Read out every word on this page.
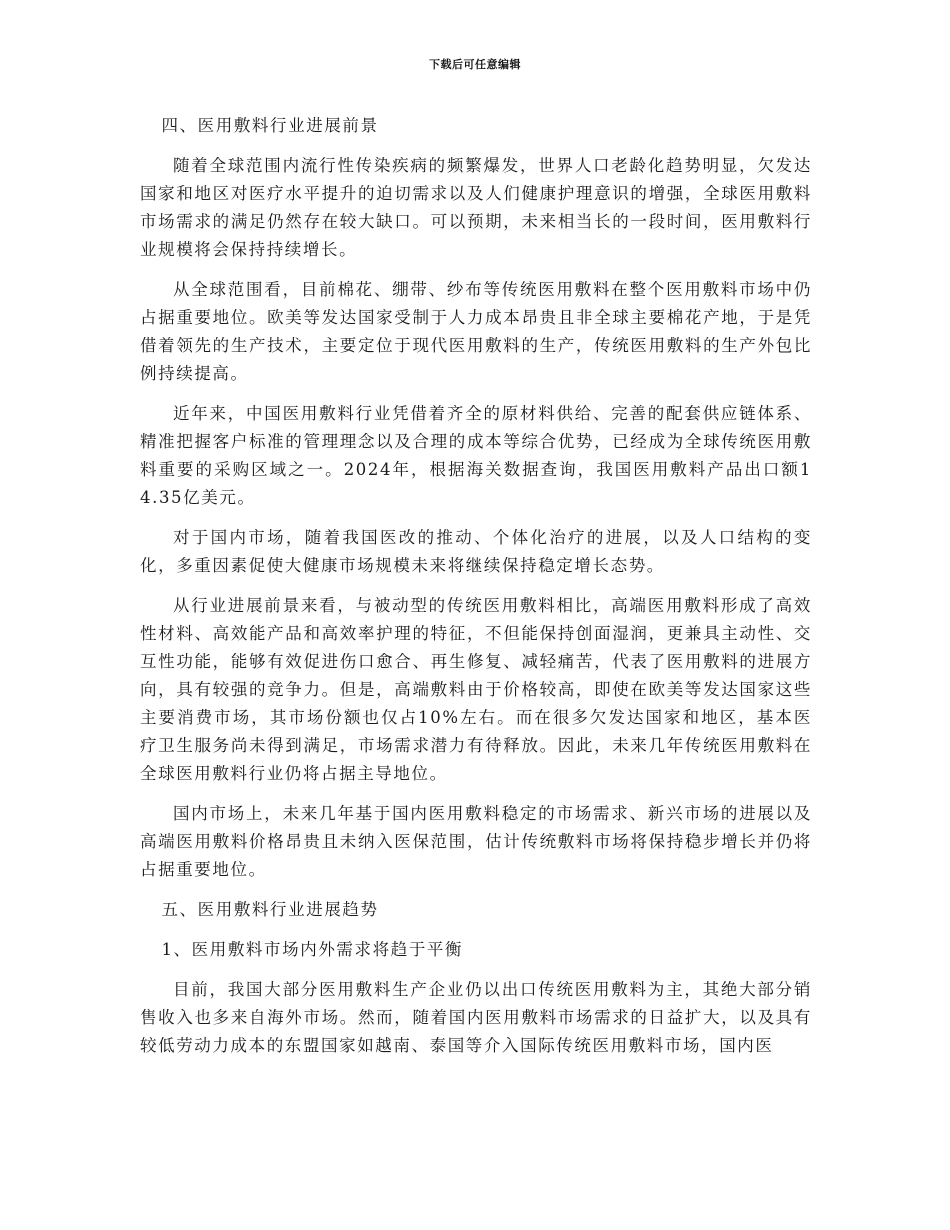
下载后可任意编辑

四、医用敷料行业进展前景

随着全球范围内流行性传染疾病的频繁爆发，世界人口老龄化趋势明显，欠发达国家和地区对医疗水平提升的迫切需求以及人们健康护理意识的增强，全球医用敷料市场需求的满足仍然存在较大缺口。可以预期，未来相当长的一段时间，医用敷料行业规模将会保持持续增长。

从全球范围看，目前棉花、绷带、纱布等传统医用敷料在整个医用敷料市场中仍占据重要地位。欧美等发达国家受制于人力成本昂贵且非全球主要棉花产地，于是凭借着领先的生产技术，主要定位于现代医用敷料的生产，传统医用敷料的生产外包比例持续提高。

近年来，中国医用敷料行业凭借着齐全的原材料供给、完善的配套供应链体系、精准把握客户标准的管理理念以及合理的成本等综合优势，已经成为全球传统医用敷料重要的采购区域之一。2024年，根据海关数据查询，我国医用敷料产品出口额14.35亿美元。

对于国内市场，随着我国医改的推动、个体化治疗的进展，以及人口结构的变化，多重因素促使大健康市场规模未来将继续保持稳定增长态势。

从行业进展前景来看，与被动型的传统医用敷料相比，高端医用敷料形成了高效性材料、高效能产品和高效率护理的特征，不但能保持创面湿润，更兼具主动性、交互性功能，能够有效促进伤口愈合、再生修复、减轻痛苦，代表了医用敷料的进展方向，具有较强的竞争力。但是，高端敷料由于价格较高，即使在欧美等发达国家这些主要消费市场，其市场份额也仅占10%左右。而在很多欠发达国家和地区，基本医疗卫生服务尚未得到满足，市场需求潜力有待释放。因此，未来几年传统医用敷料在全球医用敷料行业仍将占据主导地位。

国内市场上，未来几年基于国内医用敷料稳定的市场需求、新兴市场的进展以及高端医用敷料价格昂贵且未纳入医保范围，估计传统敷料市场将保持稳步增长并仍将占据重要地位。

五、医用敷料行业进展趋势

1、医用敷料市场内外需求将趋于平衡

目前，我国大部分医用敷料生产企业仍以出口传统医用敷料为主，其绝大部分销售收入也多来自海外市场。然而，随着国内医用敷料市场需求的日益扩大，以及具有较低劳动力成本的东盟国家如越南、泰国等介入国际传统医用敷料市场，国内医
